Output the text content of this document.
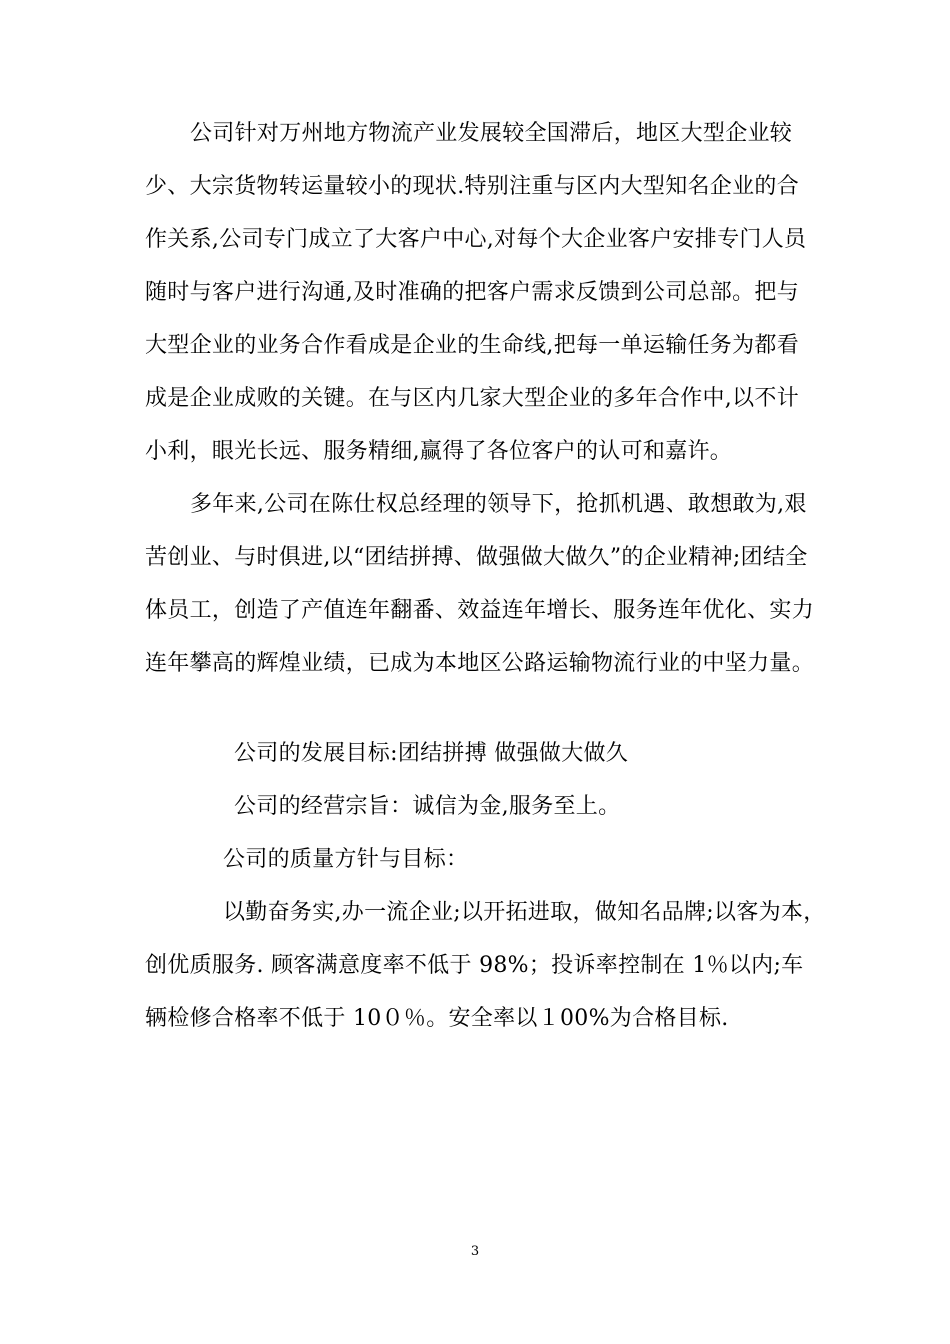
公司针对万州地方物流产业发展较全国滞后，地区大型企业较
少、大宗货物转运量较小的现状.特别注重与区内大型知名企业的合
作关系,公司专门成立了大客户中心,对每个大企业客户安排专门人员
随时与客户进行沟通,及时准确的把客户需求反馈到公司总部。把与
大型企业的业务合作看成是企业的生命线,把每一单运输任务为都看
成是企业成败的关键。在与区内几家大型企业的多年合作中,以不计
小利，眼光长远、服务精细,赢得了各位客户的认可和嘉许。
多年来,公司在陈仕权总经理的领导下，抢抓机遇、敢想敢为,艰
苦创业、与时俱进,以“团结拼搏、做强做大做久”的企业精神;团结全
体员工，创造了产值连年翻番、效益连年增长、服务连年优化、实力
连年攀高的辉煌业绩，已成为本地区公路运输物流行业的中坚力量。
公司的发展目标:团结拼搏 做强做大做久
公司的经营宗旨：诚信为金,服务至上。
公司的质量方针与目标：
以勤奋务实,办一流企业;以开拓进取，做知名品牌;以客为本，
创优质服务. 顾客满意度率不低于 98%；投诉率控制在 1％以内;车
辆检修合格率不低于 10０％。安全率以１00%为合格目标.
3
